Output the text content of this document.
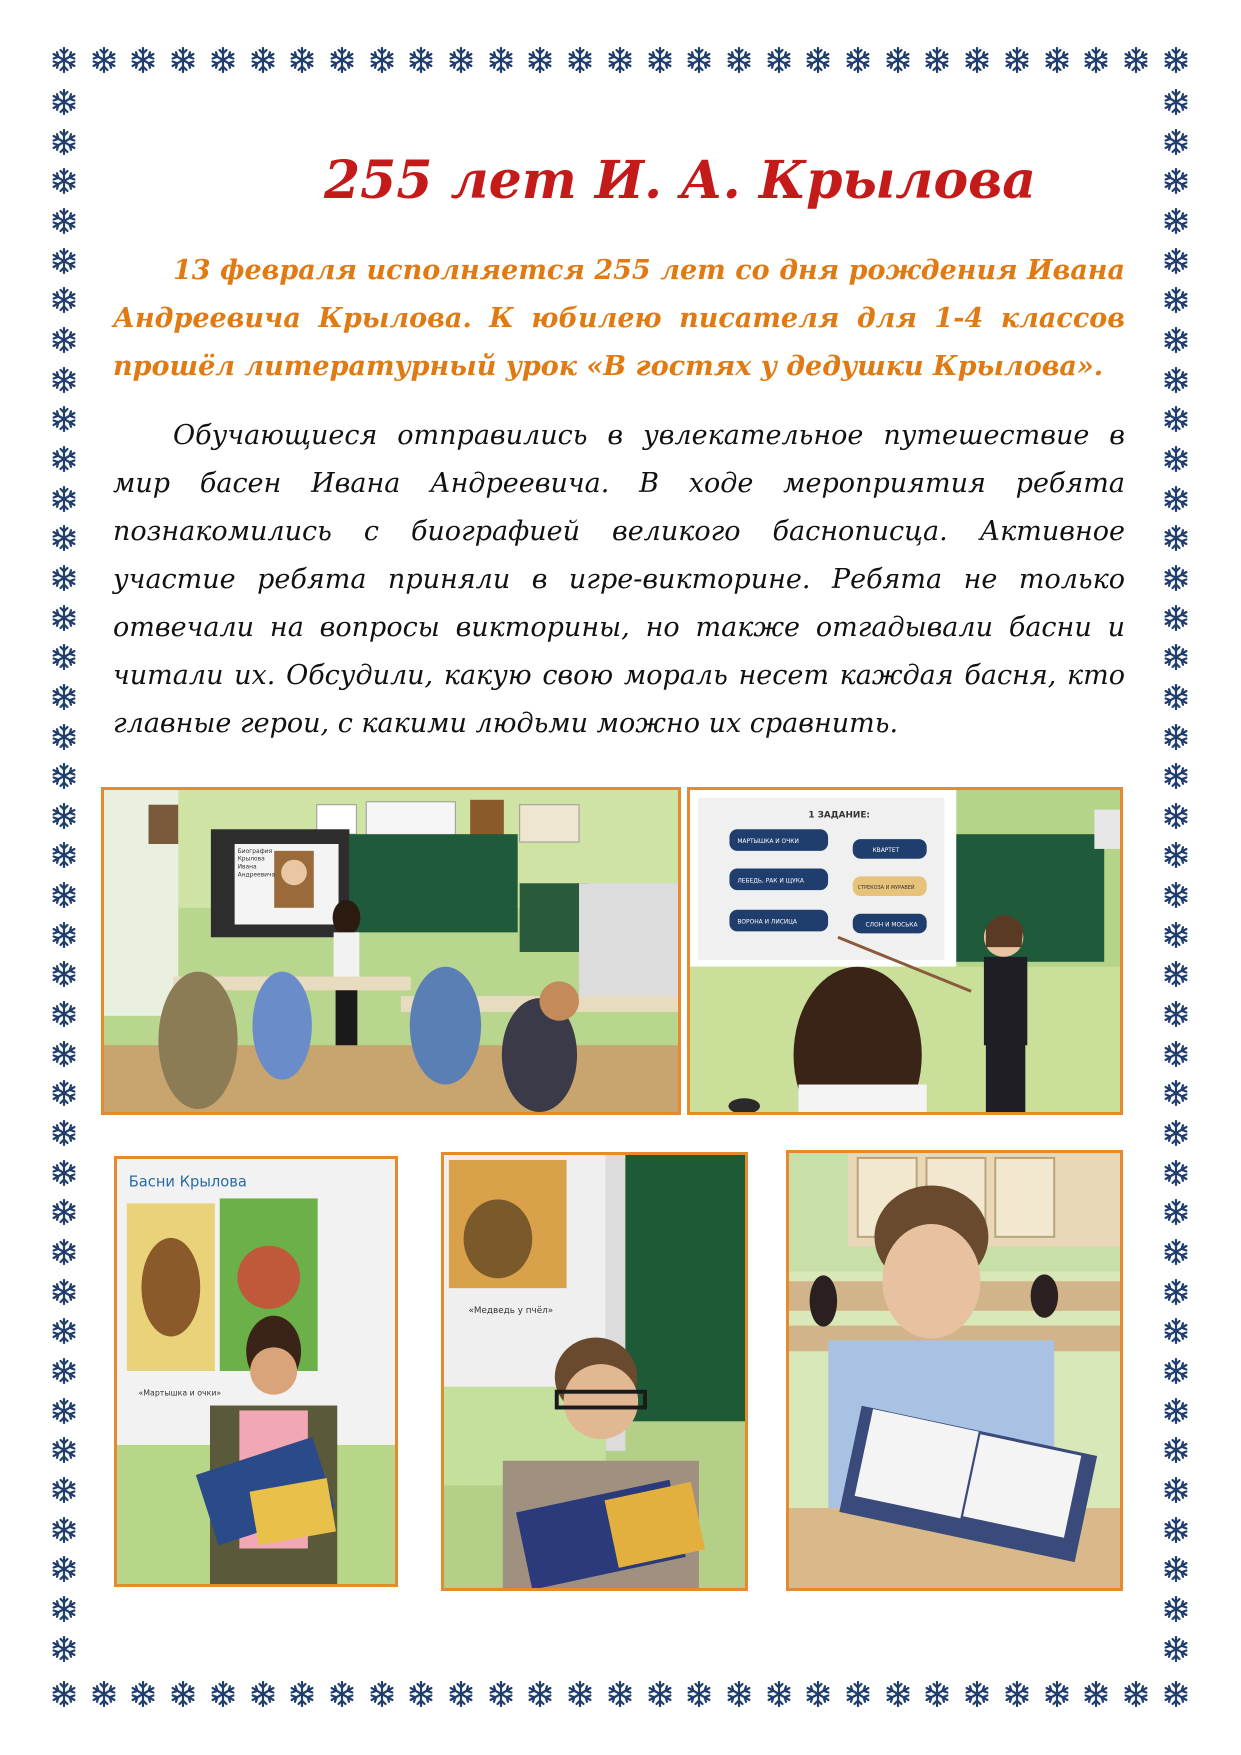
255 лет И. А. Крылова

13 февраля исполняется 255 лет со дня рождения Ивана Андреевича Крылова. К юбилею писателя для 1-4 классов прошёл литературный урок «В гостях у дедушки Крылова».

Обучающиеся отправились в увлекательное путешествие в мир басен Ивана Андреевича. В ходе мероприятия ребята познакомились с биографией великого баснописца. Активное участие ребята приняли в игре-викторине. Ребята не только отвечали на вопросы викторины, но также отгадывали басни и читали их. Обсудили, какую свою мораль несет каждая басня, кто главные герои, с какими людьми можно их сравнить.

Биография
Крылова
Ивана
Андреевича
1 ЗАДАНИЕ:
МАРТЫШКА И ОЧКИ
КВАРТЕТ
ЛЕБЕДЬ, РАК И ЩУКА
СТРЕКОЗА И МУРАВЕЙ
ВОРОНА И ЛИСИЦА	СЛОН И МОСЬКА
Басни Крылова
«Мартышка и очки»
«Медведь у пчёл»
